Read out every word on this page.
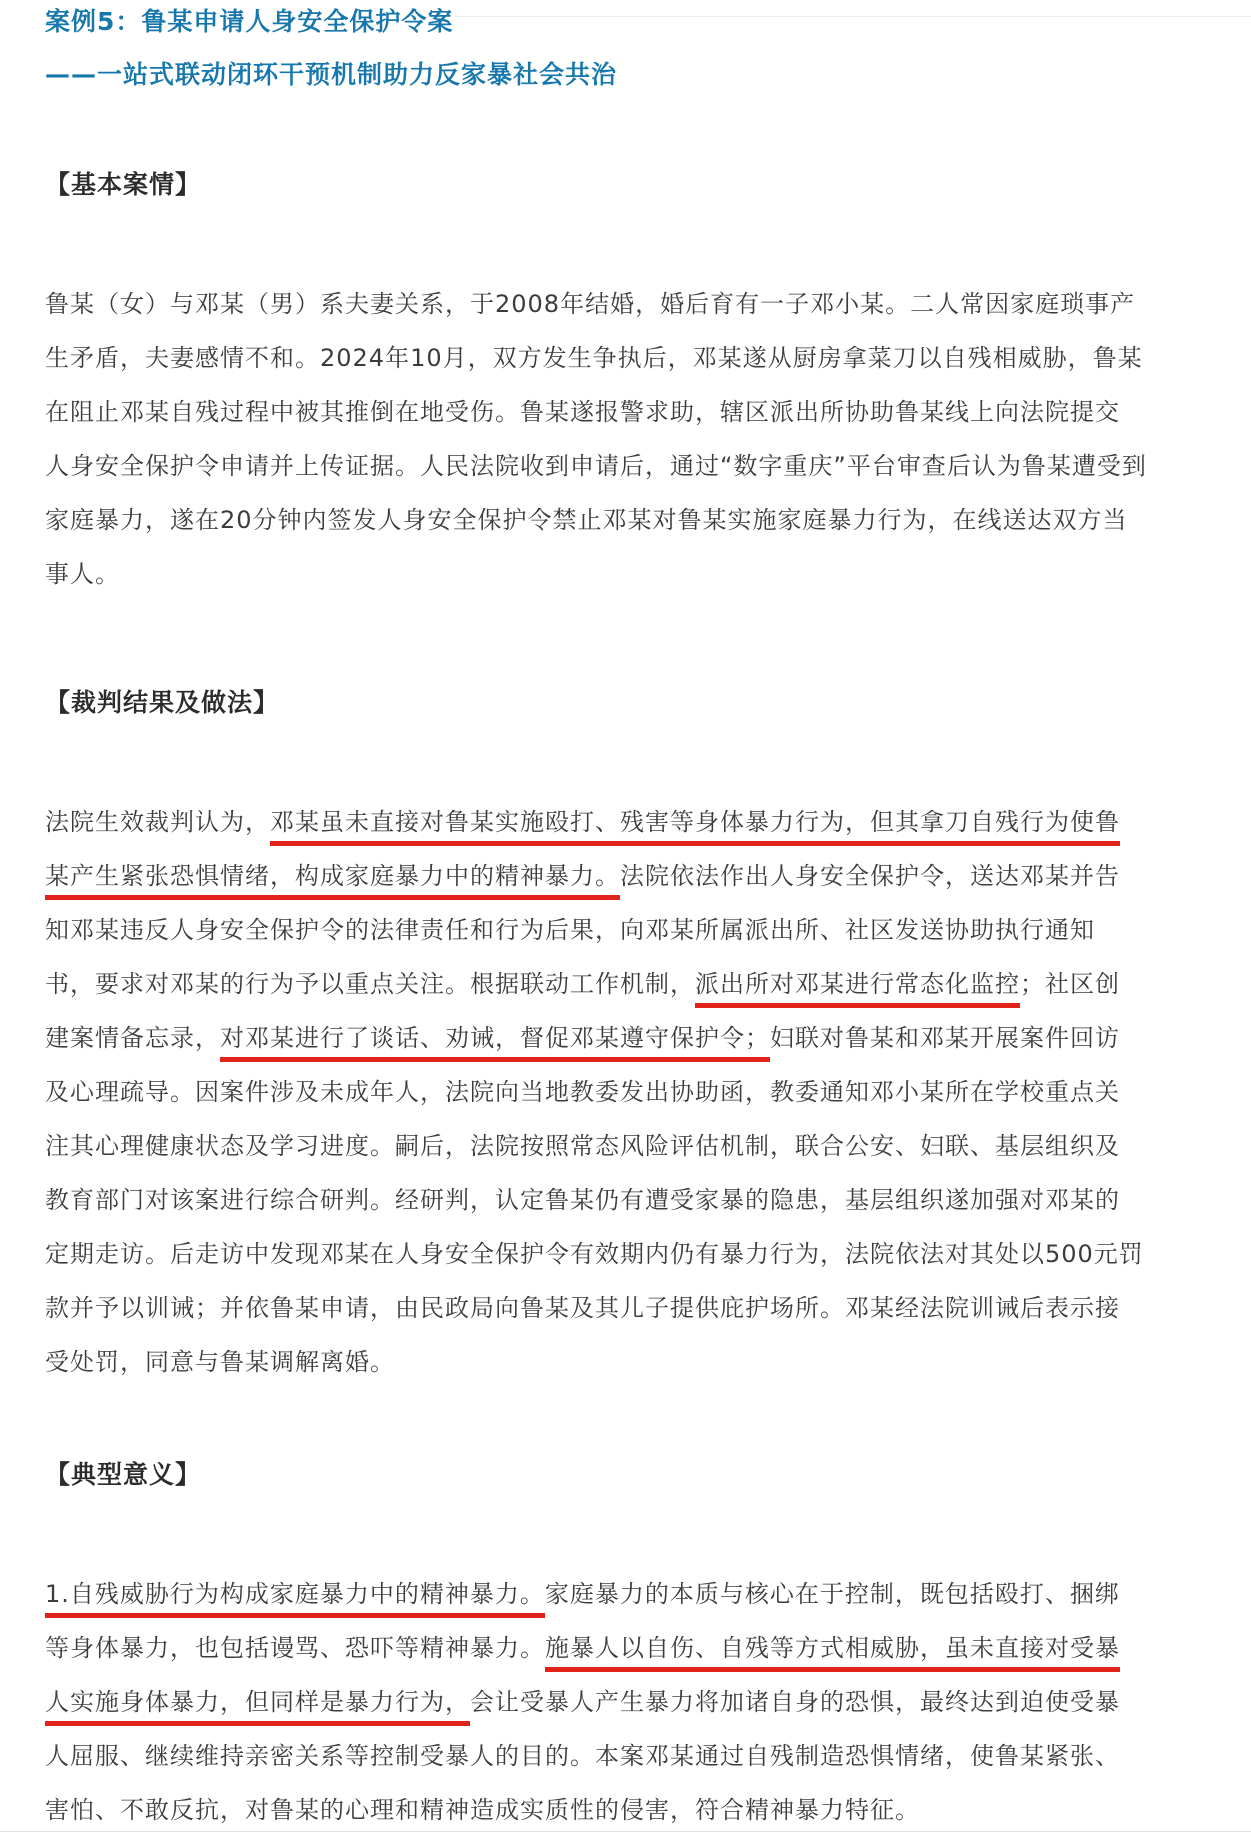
案例5：鲁某申请人身安全保护令案
——一站式联动闭环干预机制助力反家暴社会共治
【基本案情】
鲁某（女）与邓某（男）系夫妻关系，于2008年结婚，婚后育有一子邓小某。二人常因家庭琐事产
生矛盾，夫妻感情不和。2024年10月，双方发生争执后，邓某遂从厨房拿菜刀以自残相威胁，鲁某
在阻止邓某自残过程中被其推倒在地受伤。鲁某遂报警求助，辖区派出所协助鲁某线上向法院提交
人身安全保护令申请并上传证据。人民法院收到申请后，通过“数字重庆”平台审查后认为鲁某遭受到
家庭暴力，遂在20分钟内签发人身安全保护令禁止邓某对鲁某实施家庭暴力行为，在线送达双方当
事人。
【裁判结果及做法】
法院生效裁判认为，邓某虽未直接对鲁某实施殴打、残害等身体暴力行为，但其拿刀自残行为使鲁
某产生紧张恐惧情绪，构成家庭暴力中的精神暴力。法院依法作出人身安全保护令，送达邓某并告
知邓某违反人身安全保护令的法律责任和行为后果，向邓某所属派出所、社区发送协助执行通知
书，要求对邓某的行为予以重点关注。根据联动工作机制，派出所对邓某进行常态化监控；社区创
建案情备忘录，对邓某进行了谈话、劝诫，督促邓某遵守保护令；妇联对鲁某和邓某开展案件回访
及心理疏导。因案件涉及未成年人，法院向当地教委发出协助函，教委通知邓小某所在学校重点关
注其心理健康状态及学习进度。嗣后，法院按照常态风险评估机制，联合公安、妇联、基层组织及
教育部门对该案进行综合研判。经研判，认定鲁某仍有遭受家暴的隐患，基层组织遂加强对邓某的
定期走访。后走访中发现邓某在人身安全保护令有效期内仍有暴力行为，法院依法对其处以500元罚
款并予以训诫；并依鲁某申请，由民政局向鲁某及其儿子提供庇护场所。邓某经法院训诫后表示接
受处罚，同意与鲁某调解离婚。
【典型意义】
1.自残威胁行为构成家庭暴力中的精神暴力。家庭暴力的本质与核心在于控制，既包括殴打、捆绑
等身体暴力，也包括谩骂、恐吓等精神暴力。施暴人以自伤、自残等方式相威胁，虽未直接对受暴
人实施身体暴力，但同样是暴力行为，会让受暴人产生暴力将加诸自身的恐惧，最终达到迫使受暴
人屈服、继续维持亲密关系等控制受暴人的目的。本案邓某通过自残制造恐惧情绪，使鲁某紧张、
害怕、不敢反抗，对鲁某的心理和精神造成实质性的侵害，符合精神暴力特征。
